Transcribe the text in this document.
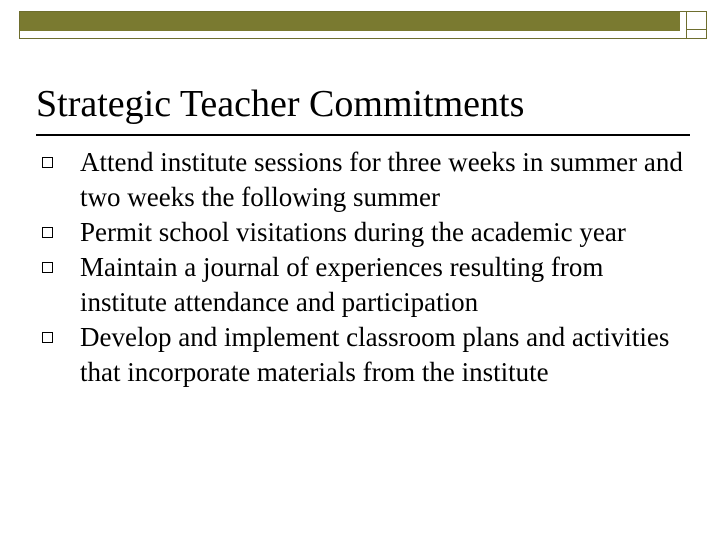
Strategic Teacher Commitments
Attend institute sessions for three weeks in summer and two weeks the following summer
Permit school visitations during the academic year
Maintain a journal of experiences resulting from institute attendance and participation
Develop and implement classroom plans and activities that incorporate materials from the institute
